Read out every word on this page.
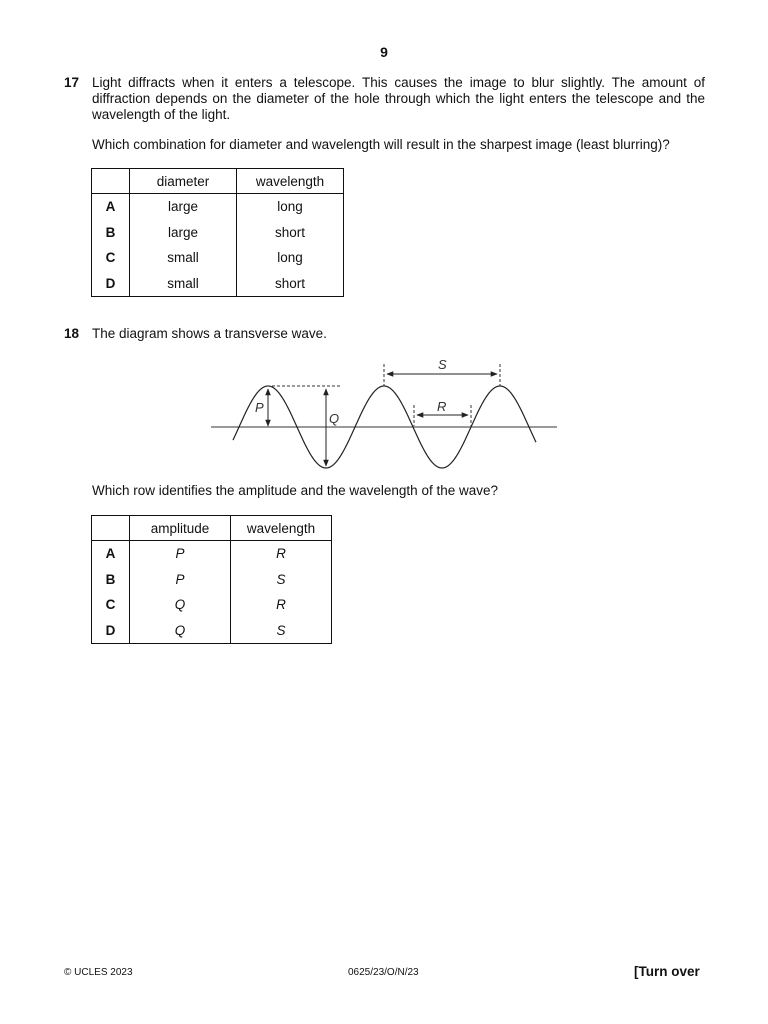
9
17 Light diffracts when it enters a telescope. This causes the image to blur slightly. The amount of diffraction depends on the diameter of the hole through which the light enters the telescope and the wavelength of the light.
Which combination for diameter and wavelength will result in the sharpest image (least blurring)?
	diameter	wavelength
A	large	long
B	large	short
C	small	long
D	small	short
18 The diagram shows a transverse wave.
P
Q
S
R
Which row identifies the amplitude and the wavelength of the wave?
	amplitude	wavelength
A	P	R
B	P	S
C	Q	R
D	Q	S
© UCLES 2023	0625/23/O/N/23	[Turn over
